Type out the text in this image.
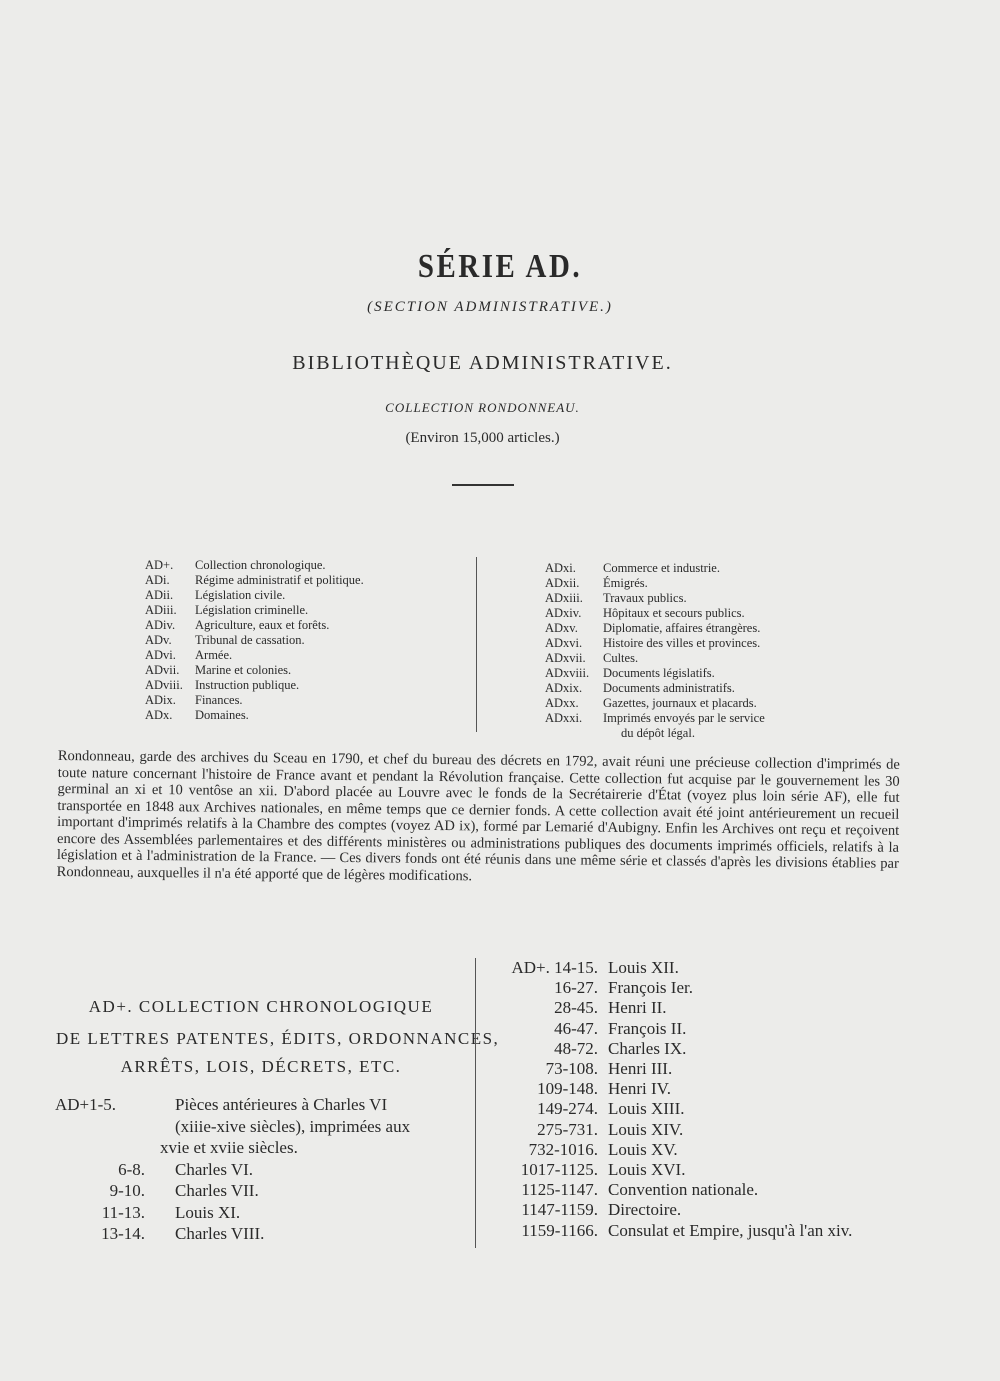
SÉRIE AD.
(SECTION ADMINISTRATIVE.)
BIBLIOTHÈQUE ADMINISTRATIVE.
COLLECTION RONDONNEAU.
(Environ 15,000 articles.)
AD+.	Collection chronologique.
ADi.	Régime administratif et politique.
ADii.	Législation civile.
ADiii.	Législation criminelle.
ADiv.	Agriculture, eaux et forêts.
ADv.	Tribunal de cassation.
ADvi.	Armée.
ADvii.	Marine et colonies.
ADviii. Instruction publique.
ADix.	Finances.
ADx.	Domaines.
ADxi.	Commerce et industrie.
ADxii.	Émigrés.
ADxiii.	Travaux publics.
ADxiv.	Hôpitaux et secours publics.
ADxv.	Diplomatie, affaires étrangères.
ADxvi.	Histoire des villes et provinces.
ADxvii.	Cultes.
ADxviii.	Documents législatifs.
ADxix.	Documents administratifs.
ADxx.	Gazettes, journaux et placards.
ADxxi.	Imprimés envoyés par le service
du dépôt légal.
Rondonneau, garde des archives du Sceau en 1790, et chef du bureau des décrets en 1792, avait réuni une précieuse collection d'imprimés de toute nature concernant l'histoire de France avant et pendant la Révolution française. Cette collection fut acquise par le gouvernement les 30 germinal an xi et 10 ventôse an xii. D'abord placée au Louvre avec le fonds de la Secrétairerie d'État (voyez plus loin série AF), elle fut transportée en 1848 aux Archives nationales, en même temps que ce dernier fonds. A cette collection avait été joint antérieurement un recueil important d'imprimés relatifs à la Chambre des comptes (voyez AD ix), formé par Lemarié d'Aubigny. Enfin les Archives ont reçu et reçoivent encore des Assemblées parlementaires et des différents ministères ou administrations publiques des documents imprimés officiels, relatifs à la législation et à l'administration de la France. — Ces divers fonds ont été réunis dans une même série et classés d'après les divisions établies par Rondonneau, auxquelles il n'a été apporté que de légères modifications.
AD+. COLLECTION CHRONOLOGIQUE
DE LETTRES PATENTES, ÉDITS, ORDONNANCES,
ARRÊTS, LOIS, DÉCRETS, ETC.
AD+1-5.	Pièces antérieures à Charles VI
(xiiie-xive siècles), imprimées aux
xvie et xviie siècles.
6-8.	Charles VI.
9-10.	Charles VII.
11-13.	Louis XI.
13-14.	Charles VIII.
AD+. 14-15. Louis XII.
16-27. François Ier.
28-45. Henri II.
46-47. François II.
48-72. Charles IX.
73-108. Henri III.
109-148. Henri IV.
149-274. Louis XIII.
275-731. Louis XIV.
732-1016. Louis XV.
1017-1125. Louis XVI.
1125-1147. Convention nationale.
1147-1159. Directoire.
1159-1166. Consulat et Empire, jusqu'à l'an xiv.
